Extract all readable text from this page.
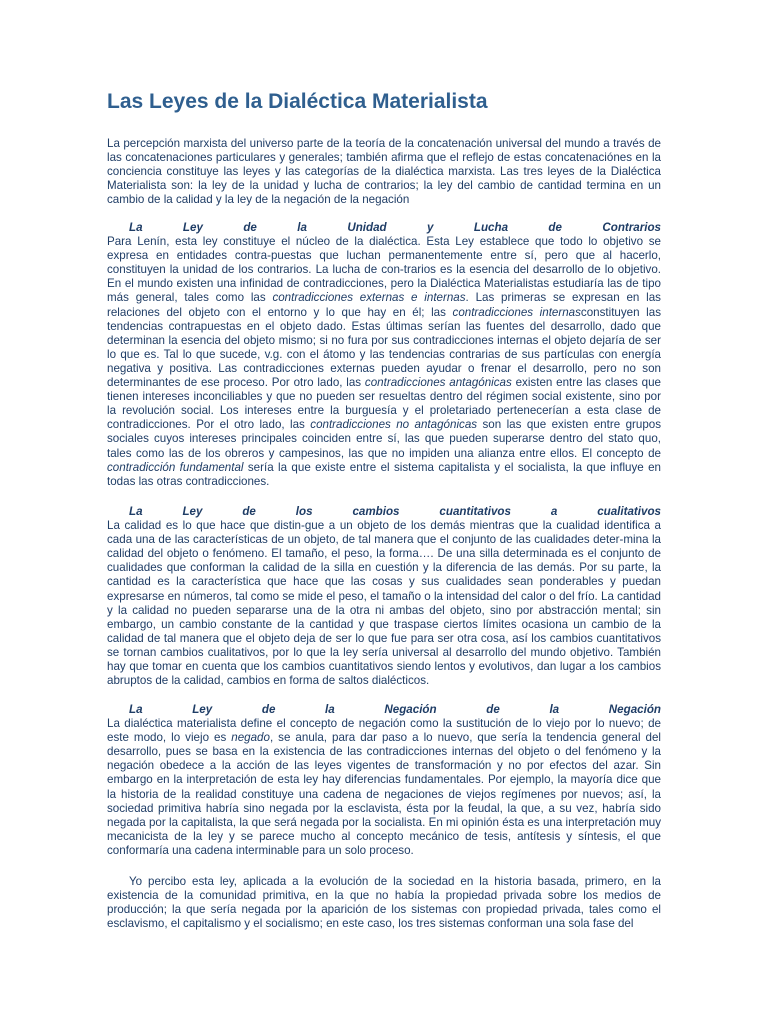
Las Leyes de la Dialéctica Materialista

La percepción marxista del universo parte de la teoría de la concatenación universal del mundo a través de las concatenaciones particulares y generales; también afirma que el reflejo de estas concatenaciónes en la conciencia constituye las leyes y las categorías de la dialéctica marxista. Las tres leyes de la Dialéctica Materialista son: la ley de la unidad y lucha de contrarios; la ley del cambio de cantidad termina en un cambio de la calidad y la ley de la negación de la negación

La Ley de la Unidad y Lucha de Contrarios

Para Lenín, esta ley constituye el núcleo de la dialéctica. Esta Ley establece que todo lo objetivo se expresa en entidades contra-puestas que luchan permanentemente entre sí, pero que al hacerlo, constituyen la unidad de los contrarios. La lucha de con-trarios es la esencia del desarrollo de lo objetivo. En el mundo existen una infinidad de contradicciones, pero la Dialéctica Materialistas estudiaría las de tipo más general, tales como las contradicciones externas e internas. Las primeras se expresan en las relaciones del objeto con el entorno y lo que hay en él; las contradicciones internasconstituyen las tendencias contrapuestas en el objeto dado. Estas últimas serían las fuentes del desarrollo, dado que determinan la esencia del objeto mismo; si no fura por sus contradicciones internas el objeto dejaría de ser lo que es. Tal lo que sucede, v.g. con el átomo y las tendencias contrarias de sus partículas con energía negativa y positiva. Las contradicciones externas pueden ayudar o frenar el desarrollo, pero no son determinantes de ese proceso. Por otro lado, las contradicciones antagónicas existen entre las clases que tienen intereses inconciliables y que no pueden ser resueltas dentro del régimen social existente, sino por la revolución social. Los intereses entre la burguesía y el proletariado pertenecerían a esta clase de contradicciones. Por el otro lado, las contradicciones no antagónicas son las que existen entre grupos sociales cuyos intereses principales coinciden entre sí, las que pueden superarse dentro del stato quo, tales como las de los obreros y campesinos, las que no impiden una alianza entre ellos. El concepto de contradicción fundamental sería la que existe entre el sistema capitalista y el socialista, la que influye en todas las otras contradicciones.

La Ley de los cambios cuantitativos a cualitativos

La calidad es lo que hace que distin-gue a un objeto de los demás mientras que la cualidad identifica a cada una de las características de un objeto, de tal manera que el conjunto de las cualidades deter-mina la calidad del objeto o fenómeno. El tamaño, el peso, la forma…. De una silla determinada es el conjunto de cualidades que conforman la calidad de la silla en cuestión y la diferencia de las demás. Por su parte, la cantidad es la característica que hace que las cosas y sus cualidades sean ponderables y puedan expresarse en números, tal como se mide el peso, el tamaño o la intensidad del calor o del frío. La cantidad y la calidad no pueden separarse una de la otra ni ambas del objeto, sino por abstracción mental; sin embargo, un cambio constante de la cantidad y que traspase ciertos límites ocasiona un cambio de la calidad de tal manera que el objeto deja de ser lo que fue para ser otra cosa, así los cambios cuantitativos se tornan cambios cualitativos, por lo que la ley sería universal al desarrollo del mundo objetivo. También hay que tomar en cuenta que los cambios cuantitativos siendo lentos y evolutivos, dan lugar a los cambios abruptos de la calidad, cambios en forma de saltos dialécticos.

La Ley de la Negación de la Negación

La dialéctica materialista define el concepto de negación como la sustitución de lo viejo por lo nuevo; de este modo, lo viejo es negado, se anula, para dar paso a lo nuevo, que sería la tendencia general del desarrollo, pues se basa en la existencia de las contradicciones internas del objeto o del fenómeno y la negación obedece a la acción de las leyes vigentes de transformación y no por efectos del azar. Sin embargo en la interpretación de esta ley hay diferencias fundamentales. Por ejemplo, la mayoría dice que la historia de la realidad constituye una cadena de negaciones de viejos regímenes por nuevos; así, la sociedad primitiva habría sino negada por la esclavista, ésta por la feudal, la que, a su vez, habría sido negada por la capitalista, la que será negada por la socialista. En mi opinión ésta es una interpretación muy mecanicista de la ley y se parece mucho al concepto mecánico de tesis, antítesis y síntesis, el que conformaría una cadena interminable para un solo proceso.

Yo percibo esta ley, aplicada a la evolución de la sociedad en la historia basada, primero, en la existencia de la comunidad primitiva, en la que no había la propiedad privada sobre los medios de producción; la que sería negada por la aparición de los sistemas con propiedad privada, tales como el esclavismo, el capitalismo y el socialismo; en este caso, los tres sistemas conforman una sola fase del
